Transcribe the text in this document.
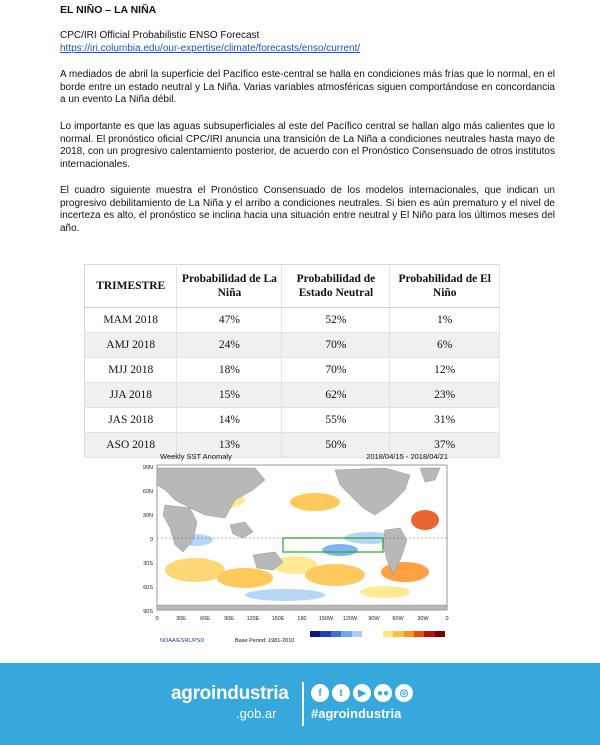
EL NIÑO – LA NIÑA
CPC/IRI Official Probabilistic ENSO Forecast
https://iri.columbia.edu/our-expertise/climate/forecasts/enso/current/

A mediados de abril la superficie del Pacífico este-central se halla en condiciones más frías que lo normal, en el borde entre un estado neutral y La Niña. Varias variables atmosféricas siguen comportándose en concordancia a un evento La Niña débil.

Lo importante es que las aguas subsuperficiales al este del Pacífico central se hallan algo más calientes que lo normal. El pronóstico oficial CPC/IRI anuncia una transición de La Niña a condiciones neutrales hasta mayo de 2018, con un progresivo calentamiento posterior, de acuerdo con el Pronóstico Consensuado de otros institutos internacionales.

El cuadro siguiente muestra el Pronóstico Consensuado de los modelos internacionales, que indican un progresivo debilitamiento de La Niña y el arribo a condiciones neutrales. Si bien es aún prematuro y el nivel de incerteza es alto, el pronóstico se inclina hacia una situación entre neutral y El Niño para los últimos meses del año.

TRIMESTRE	Probabilidad de La Niña	Probabilidad de Estado Neutral	Probabilidad de El Niño
MAM 2018	47%	52%	1%
AMJ 2018	24%	70%	6%
MJJ 2018	18%	70%	12%
JJA 2018	15%	62%	23%
JAS 2018	14%	55%	31%
ASO 2018	13%	50%	37%
Weekly SST Anomaly	2018/04/15 - 2018/04/21
90N
60N
30N
0
30S
60S
90S
0	30E	60E	90E 120E 150E 180 150W 120W 90W 60W 30W	0
NOAA/ESRL/PSD	Base Period: 1981-2010
agroindustria
.gob.ar
f	t	▶	●●	◎
#agroindustria
